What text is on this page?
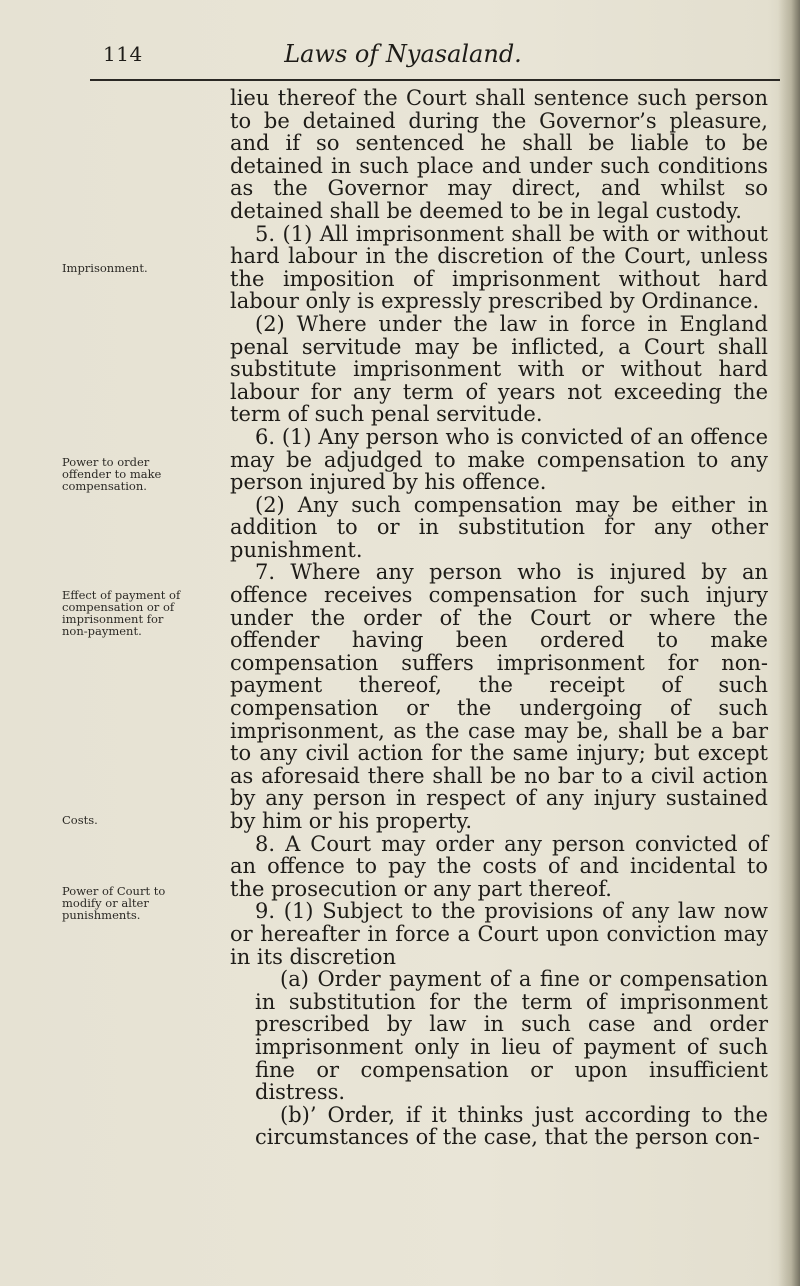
114	Laws of Nyasaland.
Imprisonment.
Power to order offender to make compensation.
Effect of payment of compensation or of imprisonment for non-payment.
Costs.
Power of Court to modify or alter punishments.

lieu thereof the Court shall sentence such person to be detained during the Governor’s pleasure, and if so sentenced he shall be liable to be detained in such place and under such conditions as the Governor may direct, and whilst so detained shall be deemed to be in legal custody.

5. (1) All imprisonment shall be with or without hard labour in the discretion of the Court, unless the imposition of imprisonment without hard labour only is expressly prescribed by Ordinance.

(2) Where under the law in force in England penal servitude may be inflicted, a Court shall substitute imprisonment with or without hard labour for any term of years not exceeding the term of such penal servitude.

6. (1) Any person who is convicted of an offence may be adjudged to make compensation to any person injured by his offence.

(2) Any such compensation may be either in addition to or in substitution for any other punishment.

7. Where any person who is injured by an offence receives compensation for such injury under the order of the Court or where the offender having been ordered to make compensation suffers imprisonment for non-payment thereof, the receipt of such compensation or the undergoing of such imprisonment, as the case may be, shall be a bar to any civil action for the same injury; but except as aforesaid there shall be no bar to a civil action by any person in respect of any injury sustained by him or his property.

8. A Court may order any person convicted of an offence to pay the costs of and incidental to the prosecution or any part thereof.

9. (1) Subject to the provisions of any law now or hereafter in force a Court upon conviction may in its discretion

(a) Order payment of a fine or compensation in substitution for the term of imprisonment prescribed by law in such case and order imprisonment only in lieu of payment of such fine or compensation or upon insufficient distress.

(b)’ Order, if it thinks just according to the circumstances of the case, that the person con-
